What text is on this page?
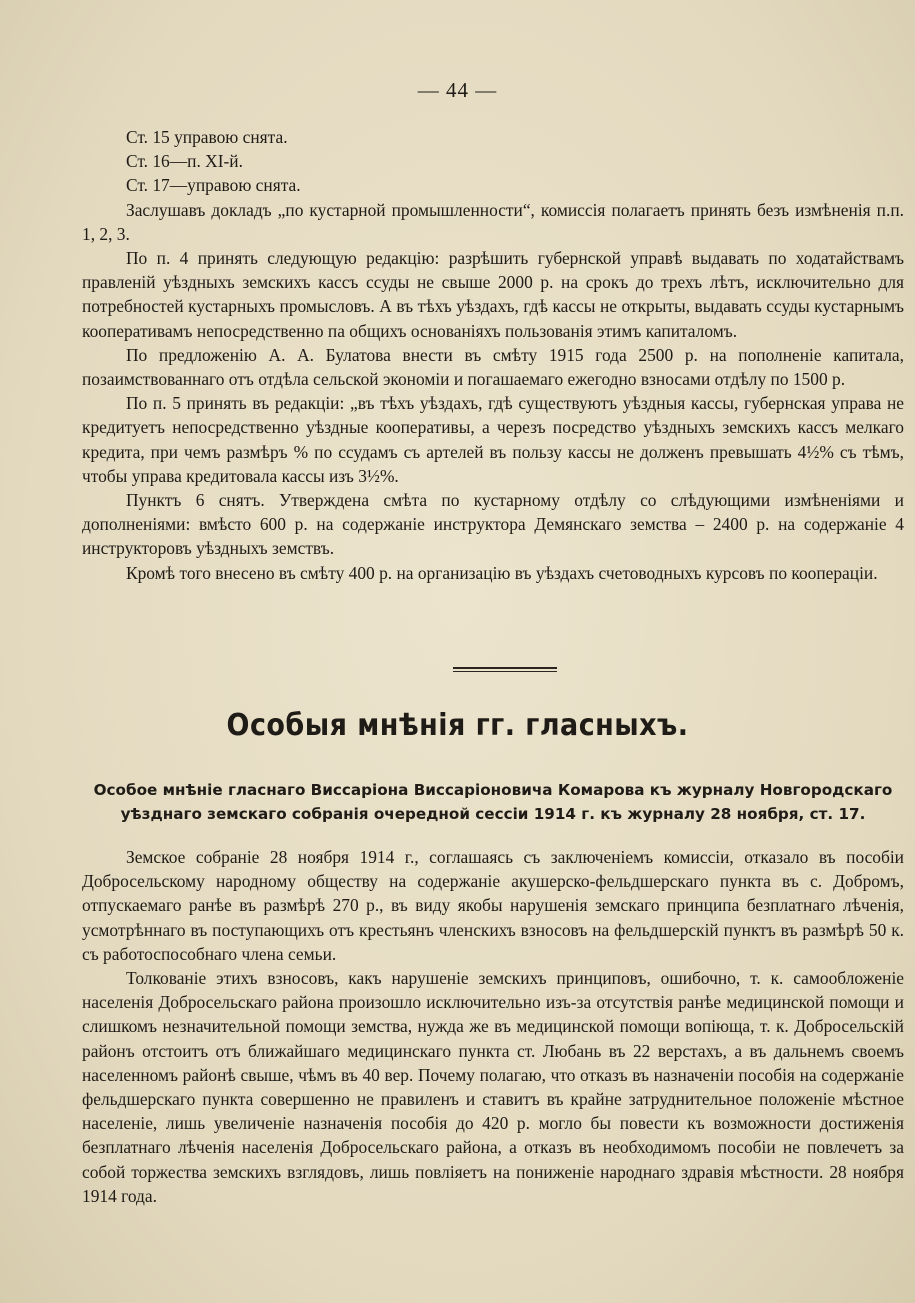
— 44 —

Ст. 15 управою снята.

Ст. 16—п. XI-й.

Ст. 17—управою снята.

Заслушавъ докладъ „по кустарной промышленности“, комиссія полагаетъ принять безъ измѣненія п.п. 1, 2, 3.

По п. 4 принять следующую редакцію: разрѣшить губернской управѣ выдавать по ходатайствамъ правленій уѣздныхъ земскихъ кассъ ссуды не свыше 2000 р. на срокъ до трехъ лѣтъ, исключительно для потребностей кустарныхъ промысловъ. А въ тѣхъ уѣздахъ, гдѣ кассы не открыты, выдавать ссуды кустарнымъ кооперативамъ непосредственно па общихъ основаніяхъ пользованія этимъ капиталомъ.

По предложенію А. А. Булатова внести въ смѣту 1915 года 2500 р. на пополненіе капитала, позаимствованнаго отъ отдѣла сельской экономіи и погашаемаго ежегодно взносами отдѣлу по 1500 р.

По п. 5 принять въ редакціи: „въ тѣхъ уѣздахъ, гдѣ существуютъ уѣздныя кассы, губернская управа не кредитуетъ непосредственно уѣздные кооперативы, а черезъ посредство уѣздныхъ земскихъ кассъ мелкаго кредита, при чемъ размѣръ % по ссудамъ съ артелей въ пользу кассы не долженъ превышать 4½% съ тѣмъ, чтобы управа кредитовала кассы изъ 3½%.

Пунктъ 6 снятъ. Утверждена смѣта по кустарному отдѣлу со слѣдующими измѣненіями и дополненіями: вмѣсто 600 р. на содержаніе инструктора Демянскаго земства – 2400 р. на содержаніе 4 инструкторовъ уѣздныхъ земствъ.

Кромѣ того внесено въ смѣту 400 р. на организацію въ уѣздахъ счетоводныхъ курсовъ по коопераціи.

Особыя мнѣнія гг. гласныхъ.
Особое мнѣніе гласнаго Виссаріона Виссаріоновича Комарова къ журналу Новгородскаго уѣзднаго земскаго собранія очередной сессіи 1914 г. къ журналу 28 ноября, ст. 17.

Земское собраніе 28 ноября 1914 г., соглашаясь съ заключеніемъ комиссіи, отказало въ пособіи Добросельскому народному обществу на содержаніе акушерско-фельдшерскаго пункта въ с. Добромъ, отпускаемаго ранѣе въ размѣрѣ 270 р., въ виду якобы нарушенія земскаго принципа безплатнаго лѣченія, усмотрѣннаго въ поступающихъ отъ крестьянъ членскихъ взносовъ на фельдшерскій пунктъ въ размѣрѣ 50 к. съ работоспособнаго члена семьи.

Толкованіе этихъ взносовъ, какъ нарушеніе земскихъ принциповъ, ошибочно, т. к. самообложеніе населенія Добросельскаго района произошло исключительно изъ-за отсутствія ранѣе медицинской помощи и слишкомъ незначительной помощи земства, нужда же въ медицинской помощи вопіюща, т. к. Добросельскій районъ отстоитъ отъ ближайшаго медицинскаго пункта ст. Любань въ 22 верстахъ, а въ дальнемъ своемъ населенномъ районѣ свыше, чѣмъ въ 40 вер. Почему полагаю, что отказъ въ назначеніи пособія на содержаніе фельдшерскаго пункта совершенно не правиленъ и ставитъ въ крайне затруднительное положеніе мѣстное населеніе, лишь увеличеніе назначенія пособія до 420 р. могло бы повести къ возможности достиженія безплатнаго лѣченія населенія Добросельскаго района, а отказъ въ необходимомъ пособіи не повлечетъ за собой торжества земскихъ взглядовъ, лишь повліяетъ на пониженіе народнаго здравія мѣстности. 28 ноября 1914 года.
